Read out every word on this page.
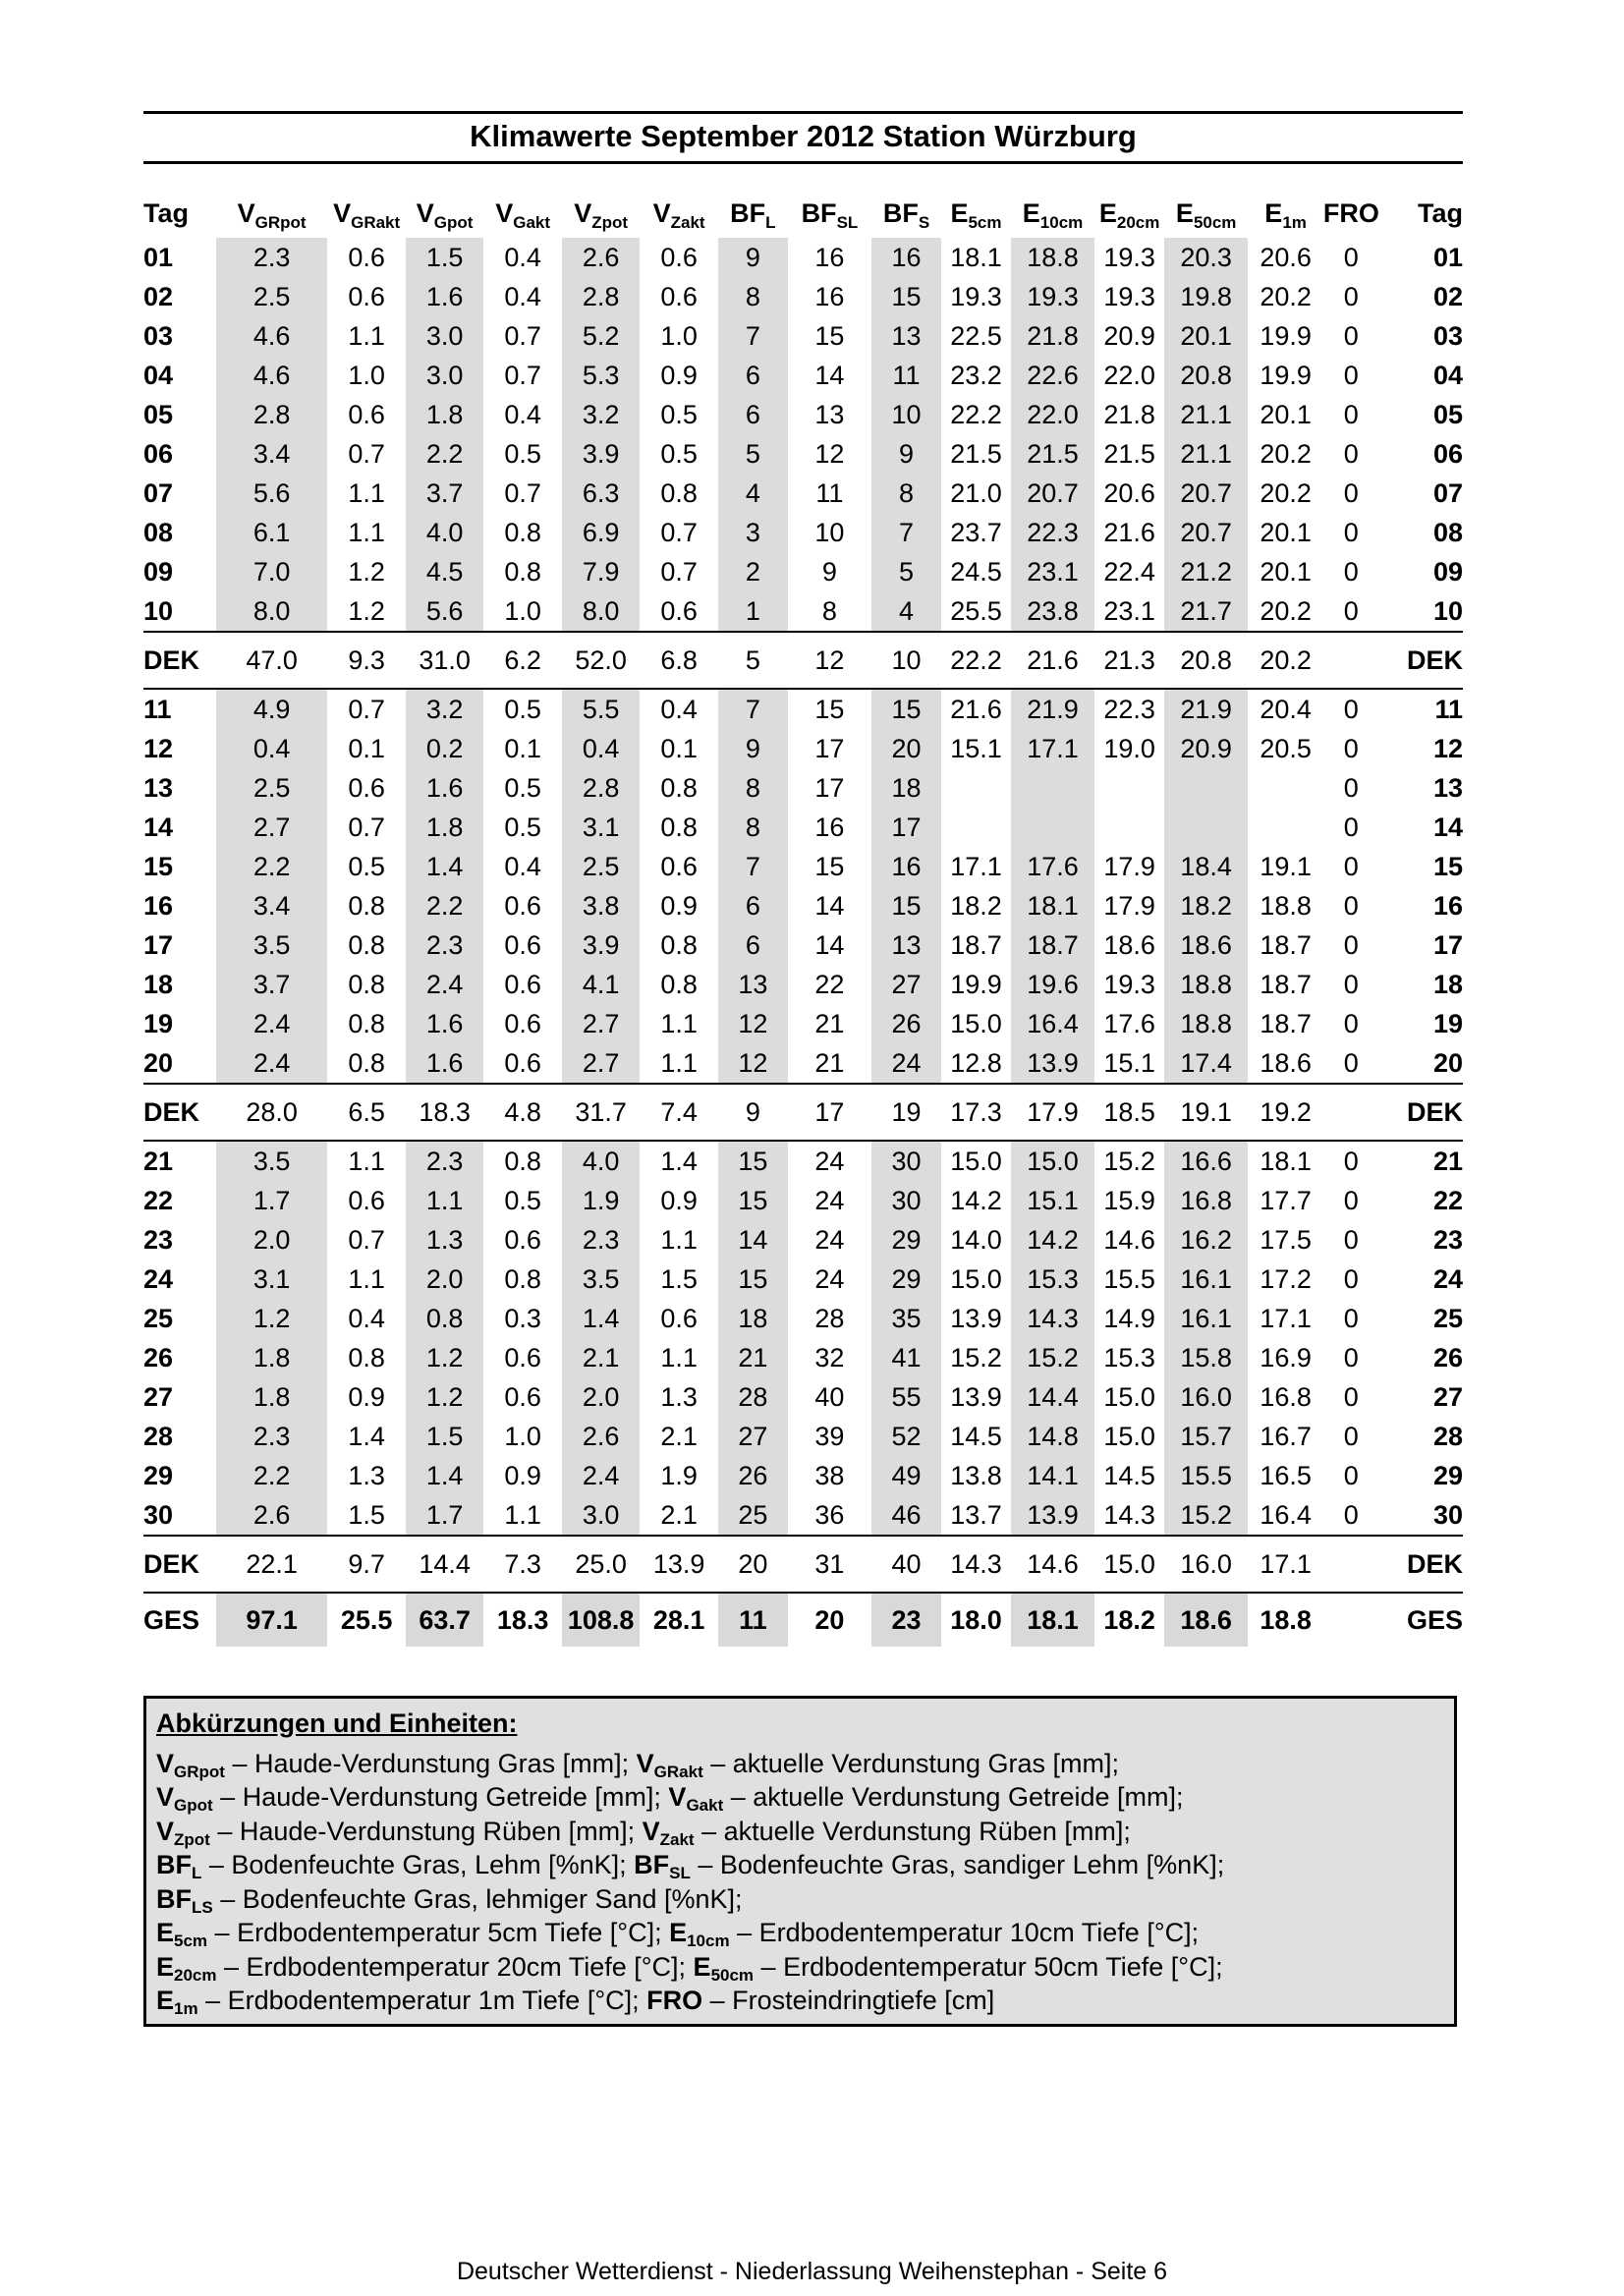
Klimawerte September 2012 Station Würzburg
Tag	$V_{GRpot}$	$V_{GRakt}$	$V_{Gpot}$	$V_{Gakt}$	$V_{Zpot}$	$V_{Zakt}$	$BF_L$	$BF_{SL}$	$BF_S$	$E_{5cm}$	$E_{10cm}$	$E_{20cm}$	$E_{50cm}$	$E_{1m}$	FRO	Tag
01	2.3	0.6	1.5	0.4	2.6	0.6	9	16	16	18.1	18.8	19.3	20.3	20.6	0	01
02	2.5	0.6	1.6	0.4	2.8	0.6	8	16	15	19.3	19.3	19.3	19.8	20.2	0	02
03	4.6	1.1	3.0	0.7	5.2	1.0	7	15	13	22.5	21.8	20.9	20.1	19.9	0	03
04	4.6	1.0	3.0	0.7	5.3	0.9	6	14	11	23.2	22.6	22.0	20.8	19.9	0	04
05	2.8	0.6	1.8	0.4	3.2	0.5	6	13	10	22.2	22.0	21.8	21.1	20.1	0	05
06	3.4	0.7	2.2	0.5	3.9	0.5	5	12	9	21.5	21.5	21.5	21.1	20.2	0	06
07	5.6	1.1	3.7	0.7	6.3	0.8	4	11	8	21.0	20.7	20.6	20.7	20.2	0	07
08	6.1	1.1	4.0	0.8	6.9	0.7	3	10	7	23.7	22.3	21.6	20.7	20.1	0	08
09	7.0	1.2	4.5	0.8	7.9	0.7	2	9	5	24.5	23.1	22.4	21.2	20.1	0	09
10	8.0	1.2	5.6	1.0	8.0	0.6	1	8	4	25.5	23.8	23.1	21.7	20.2	0	10
DEK	47.0	9.3	31.0	6.2	52.0	6.8	5	12	10	22.2	21.6	21.3	20.8	20.2		DEK
11	4.9	0.7	3.2	0.5	5.5	0.4	7	15	15	21.6	21.9	22.3	21.9	20.4	0	11
12	0.4	0.1	0.2	0.1	0.4	0.1	9	17	20	15.1	17.1	19.0	20.9	20.5	0	12
13	2.5	0.6	1.6	0.5	2.8	0.8	8	17	18						0	13
14	2.7	0.7	1.8	0.5	3.1	0.8	8	16	17						0	14
15	2.2	0.5	1.4	0.4	2.5	0.6	7	15	16	17.1	17.6	17.9	18.4	19.1	0	15
16	3.4	0.8	2.2	0.6	3.8	0.9	6	14	15	18.2	18.1	17.9	18.2	18.8	0	16
17	3.5	0.8	2.3	0.6	3.9	0.8	6	14	13	18.7	18.7	18.6	18.6	18.7	0	17
18	3.7	0.8	2.4	0.6	4.1	0.8	13	22	27	19.9	19.6	19.3	18.8	18.7	0	18
19	2.4	0.8	1.6	0.6	2.7	1.1	12	21	26	15.0	16.4	17.6	18.8	18.7	0	19
20	2.4	0.8	1.6	0.6	2.7	1.1	12	21	24	12.8	13.9	15.1	17.4	18.6	0	20
DEK	28.0	6.5	18.3	4.8	31.7	7.4	9	17	19	17.3	17.9	18.5	19.1	19.2		DEK
21	3.5	1.1	2.3	0.8	4.0	1.4	15	24	30	15.0	15.0	15.2	16.6	18.1	0	21
22	1.7	0.6	1.1	0.5	1.9	0.9	15	24	30	14.2	15.1	15.9	16.8	17.7	0	22
23	2.0	0.7	1.3	0.6	2.3	1.1	14	24	29	14.0	14.2	14.6	16.2	17.5	0	23
24	3.1	1.1	2.0	0.8	3.5	1.5	15	24	29	15.0	15.3	15.5	16.1	17.2	0	24
25	1.2	0.4	0.8	0.3	1.4	0.6	18	28	35	13.9	14.3	14.9	16.1	17.1	0	25
26	1.8	0.8	1.2	0.6	2.1	1.1	21	32	41	15.2	15.2	15.3	15.8	16.9	0	26
27	1.8	0.9	1.2	0.6	2.0	1.3	28	40	55	13.9	14.4	15.0	16.0	16.8	0	27
28	2.3	1.4	1.5	1.0	2.6	2.1	27	39	52	14.5	14.8	15.0	15.7	16.7	0	28
29	2.2	1.3	1.4	0.9	2.4	1.9	26	38	49	13.8	14.1	14.5	15.5	16.5	0	29
30	2.6	1.5	1.7	1.1	3.0	2.1	25	36	46	13.7	13.9	14.3	15.2	16.4	0	30
DEK	22.1	9.7	14.4	7.3	25.0	13.9	20	31	40	14.3	14.6	15.0	16.0	17.1		DEK
GES	97.1	25.5	63.7	18.3	108.8	28.1	11	20	23	18.0	18.1	18.2	18.6	18.8		GES
Abkürzungen und Einheiten:
$V_{GRpot}$ – Haude-Verdunstung Gras [mm]; $V_{GRakt}$ – aktuelle Verdunstung Gras [mm];
$V_{Gpot}$ – Haude-Verdunstung Getreide [mm]; $V_{Gakt}$ – aktuelle Verdunstung Getreide [mm];
$V_{Zpot}$ – Haude-Verdunstung Rüben [mm]; $V_{Zakt}$ – aktuelle Verdunstung Rüben [mm];
$BF_L$ – Bodenfeuchte Gras, Lehm [%nK]; $BF_{SL}$ – Bodenfeuchte Gras, sandiger Lehm [%nK];
$BF_{LS}$ – Bodenfeuchte Gras, lehmiger Sand [%nK];
$E_{5cm}$ – Erdbodentemperatur 5cm Tiefe [°C]; $E_{10cm}$ – Erdbodentemperatur 10cm Tiefe [°C];
$E_{20cm}$ – Erdbodentemperatur 20cm Tiefe [°C]; $E_{50cm}$ – Erdbodentemperatur 50cm Tiefe [°C];
$E_{1m}$ – Erdbodentemperatur 1m Tiefe [°C]; FRO – Frosteindringtiefe [cm]
Deutscher Wetterdienst - Niederlassung Weihenstephan - Seite 6
